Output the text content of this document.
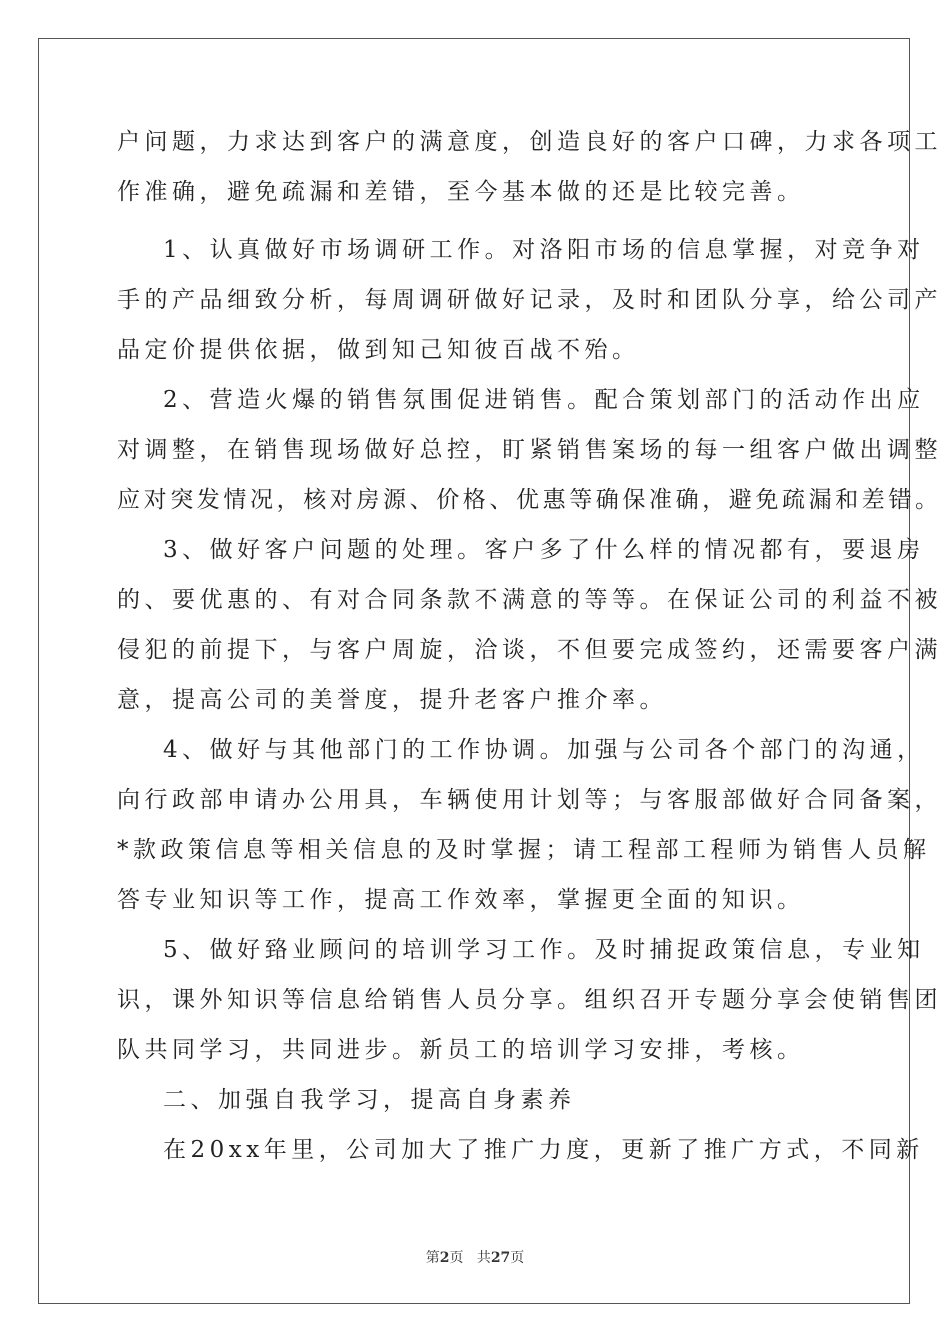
户问题，力求达到客户的满意度，创造良好的客户口碑，力求各项工
作准确，避免疏漏和差错，至今基本做的还是比较完善。
1、认真做好市场调研工作。对洛阳市场的信息掌握，对竞争对
手的产品细致分析，每周调研做好记录，及时和团队分享，给公司产
品定价提供依据，做到知己知彼百战不殆。
2、营造火爆的销售氛围促进销售。配合策划部门的活动作出应
对调整，在销售现场做好总控，盯紧销售案场的每一组客户做出调整
应对突发情况，核对房源、价格、优惠等确保准确，避免疏漏和差错。
3、做好客户问题的处理。客户多了什么样的情况都有，要退房
的、要优惠的、有对合同条款不满意的等等。在保证公司的利益不被
侵犯的前提下，与客户周旋，洽谈，不但要完成签约，还需要客户满
意，提高公司的美誉度，提升老客户推介率。
4、做好与其他部门的工作协调。加强与公司各个部门的沟通，
向行政部申请办公用具，车辆使用计划等；与客服部做好合同备案，
*款政策信息等相关信息的及时掌握；请工程部工程师为销售人员解
答专业知识等工作，提高工作效率，掌握更全面的知识。
5、做好臵业顾问的培训学习工作。及时捕捉政策信息，专业知
识，课外知识等信息给销售人员分享。组织召开专题分享会使销售团
队共同学习，共同进步。新员工的培训学习安排，考核。
二、加强自我学习，提高自身素养
在20xx年里，公司加大了推广力度，更新了推广方式，不同新
第2页 共27页
